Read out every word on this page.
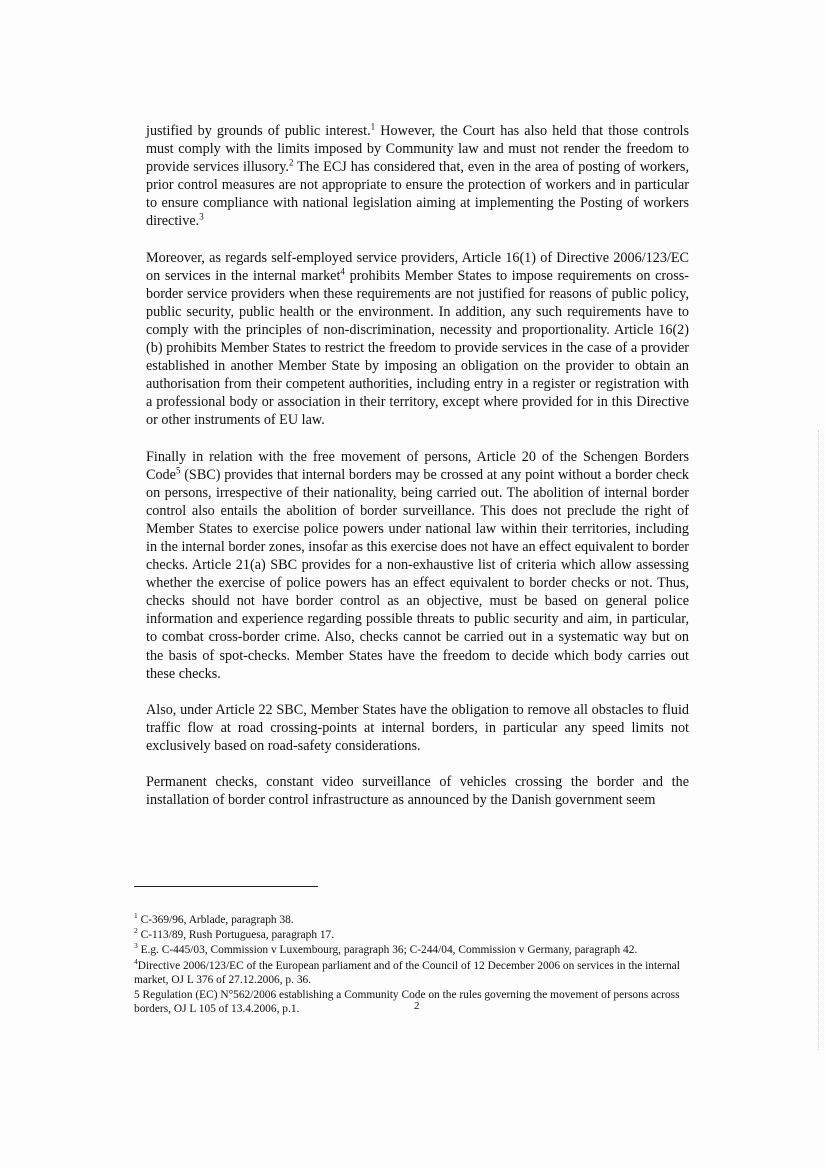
justified by grounds of public interest.$^1$ However, the Court has also held that those controls must comply with the limits imposed by Community law and must not render the freedom to provide services illusory.$^2$ The ECJ has considered that, even in the area of posting of workers, prior control measures are not appropriate to ensure the protection of workers and in particular to ensure compliance with national legislation aiming at implementing the Posting of workers directive.$^3$

Moreover, as regards self-employed service providers, Article 16(1) of Directive 2006/123/EC on services in the internal market$^4$ prohibits Member States to impose requirements on cross-border service providers when these requirements are not justified for reasons of public policy, public security, public health or the environment. In addition, any such requirements have to comply with the principles of non-discrimination, necessity and proportionality. Article 16(2)(b) prohibits Member States to restrict the freedom to provide services in the case of a provider established in another Member State by imposing an obligation on the provider to obtain an authorisation from their competent authorities, including entry in a register or registration with a professional body or association in their territory, except where provided for in this Directive or other instruments of EU law.

Finally in relation with the free movement of persons, Article 20 of the Schengen Borders Code$^5$ (SBC) provides that internal borders may be crossed at any point without a border check on persons, irrespective of their nationality, being carried out. The abolition of internal border control also entails the abolition of border surveillance. This does not preclude the right of Member States to exercise police powers under national law within their territories, including in the internal border zones, insofar as this exercise does not have an effect equivalent to border checks. Article 21(a) SBC provides for a non-exhaustive list of criteria which allow assessing whether the exercise of police powers has an effect equivalent to border checks or not. Thus, checks should not have border control as an objective, must be based on general police information and experience regarding possible threats to public security and aim, in particular, to combat cross-border crime. Also, checks cannot be carried out in a systematic way but on the basis of spot-checks. Member States have the freedom to decide which body carries out these checks.

Also, under Article 22 SBC, Member States have the obligation to remove all obstacles to fluid traffic flow at road crossing-points at internal borders, in particular any speed limits not exclusively based on road-safety considerations.

Permanent checks, constant video surveillance of vehicles crossing the border and the installation of border control infrastructure as announced by the Danish government seem

$^1$ C-369/96, Arblade, paragraph 38.
$^2$ C-113/89, Rush Portuguesa, paragraph 17.
$^3$ E.g. C-445/03, Commission v Luxembourg, paragraph 36; C-244/04, Commission v Germany, paragraph 42.
$^4$Directive 2006/123/EC of the European parliament and of the Council of 12 December 2006 on services in the internal market, OJ L 376 of 27.12.2006, p. 36.
5 Regulation (EC) N°562/2006 establishing a Community Code on the rules governing the movement of persons across borders, OJ L 105 of 13.4.2006, p.1.	2
